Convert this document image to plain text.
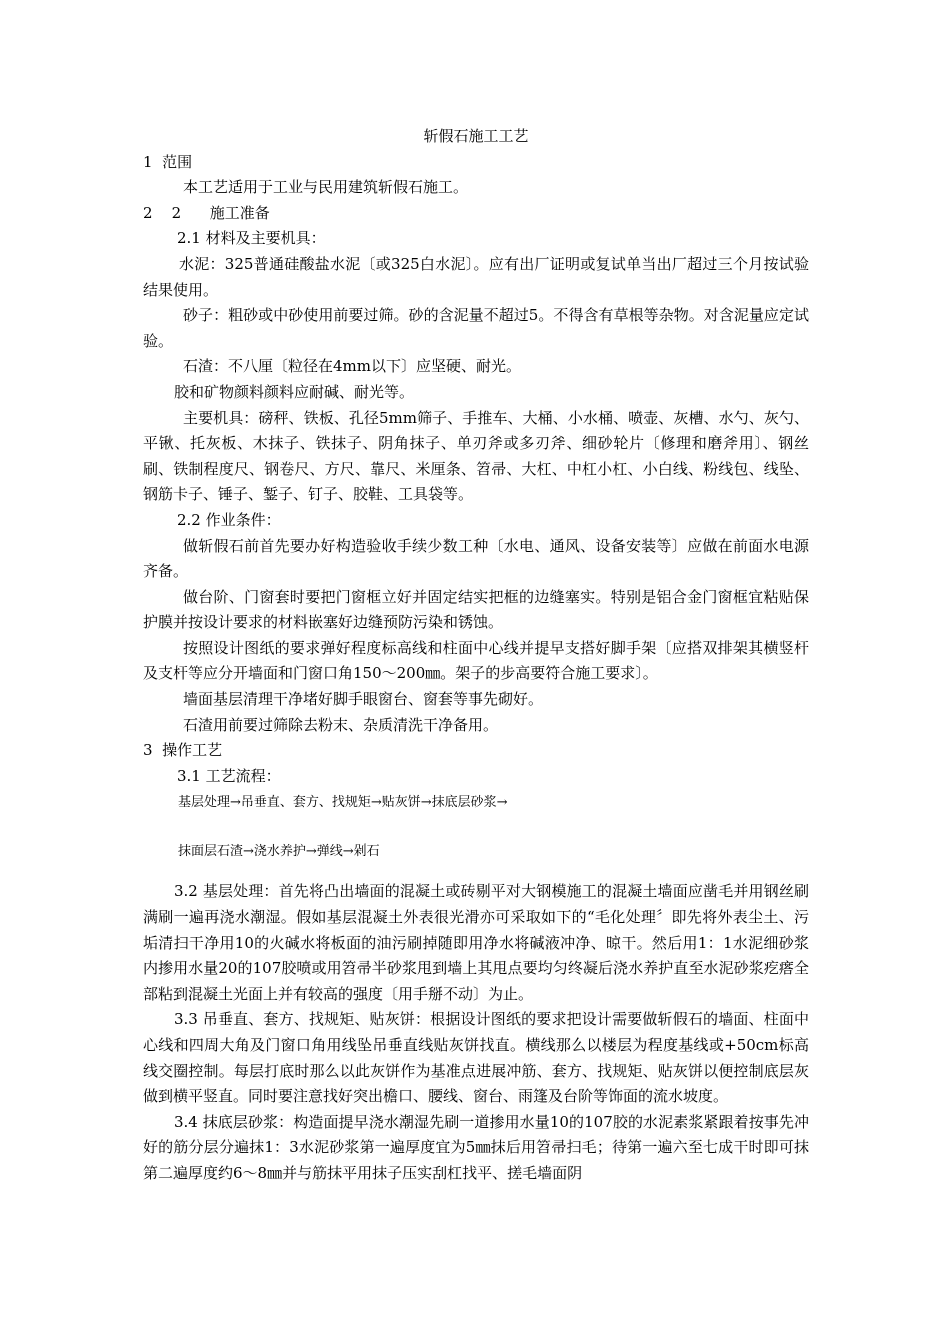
斩假石施工工艺

1  范围

本工艺适用于工业与民用建筑斩假石施工。

2    2      施工准备

2.1 材料及主要机具：

水泥：325普通硅酸盐水泥〔或325白水泥〕。应有出厂证明或复试单当出厂超过三个月按试验结果使用。

砂子：粗砂或中砂使用前要过筛。砂的含泥量不超过5。不得含有草根等杂物。对含泥量应定试验。

石渣：不八厘〔粒径在4mm以下〕应坚硬、耐光。

胶和矿物颜料颜料应耐碱、耐光等。

主要机具：磅秤、铁板、孔径5mm筛子、手推车、大桶、小水桶、喷壶、灰槽、水勺、灰勺、平锹、托灰板、木抹子、铁抹子、阴角抹子、单刃斧或多刃斧、细砂轮片〔修理和磨斧用〕、钢丝刷、铁制程度尺、钢卷尺、方尺、靠尺、米厘条、笤帚、大杠、中杠小杠、小白线、粉线包、线坠、钢筋卡子、锤子、錾子、钉子、胶鞋、工具袋等。

2.2 作业条件：

做斩假石前首先要办好构造验收手续少数工种〔水电、通风、设备安装等〕应做在前面水电源齐备。

做台阶、门窗套时要把门窗框立好并固定结实把框的边缝塞实。特别是铝合金门窗框宜粘贴保护膜并按设计要求的材料嵌塞好边缝预防污染和锈蚀。

按照设计图纸的要求弹好程度标高线和柱面中心线并提早支搭好脚手架〔应搭双排架其横竖杆及支杆等应分开墙面和门窗口角150～200㎜。架子的步高要符合施工要求〕。

墙面基层清理干净堵好脚手眼窗台、窗套等事先砌好。

石渣用前要过筛除去粉末、杂质清洗干净备用。

3  操作工艺

3.1 工艺流程：

基层处理→吊垂直、套方、找规矩→贴灰饼→抹底层砂浆→

抹面层石渣→浇水养护→弹线→剁石

3.2 基层处理：首先将凸出墙面的混凝土或砖剔平对大钢模施工的混凝土墙面应凿毛并用钢丝刷满刷一遍再浇水潮湿。假如基层混凝土外表很光滑亦可采取如下的“毛化处理〞即先将外表尘土、污垢清扫干净用10的火碱水将板面的油污刷掉随即用净水将碱液冲净、晾干。然后用1：1水泥细砂浆内掺用水量20的107胶喷或用笤帚半砂浆甩到墙上其甩点要均匀终凝后浇水养护直至水泥砂浆疙瘩全部粘到混凝土光面上并有较高的强度〔用手掰不动〕为止。

3.3 吊垂直、套方、找规矩、贴灰饼：根据设计图纸的要求把设计需要做斩假石的墙面、柱面中心线和四周大角及门窗口角用线坠吊垂直线贴灰饼找直。横线那么以楼层为程度基线或+50cm标高线交圈控制。每层打底时那么以此灰饼作为基准点进展冲筋、套方、找规矩、贴灰饼以便控制底层灰做到横平竖直。同时要注意找好突出檐口、腰线、窗台、雨篷及台阶等饰面的流水坡度。

3.4 抹底层砂浆：构造面提早浇水潮湿先刷一道掺用水量10的107胶的水泥素浆紧跟着按事先冲好的筋分层分遍抹1：3水泥砂浆第一遍厚度宜为5㎜抹后用笤帚扫毛；待第一遍六至七成干时即可抹第二遍厚度约6～8㎜并与筋抹平用抹子压实刮杠找平、搓毛墙面阴
